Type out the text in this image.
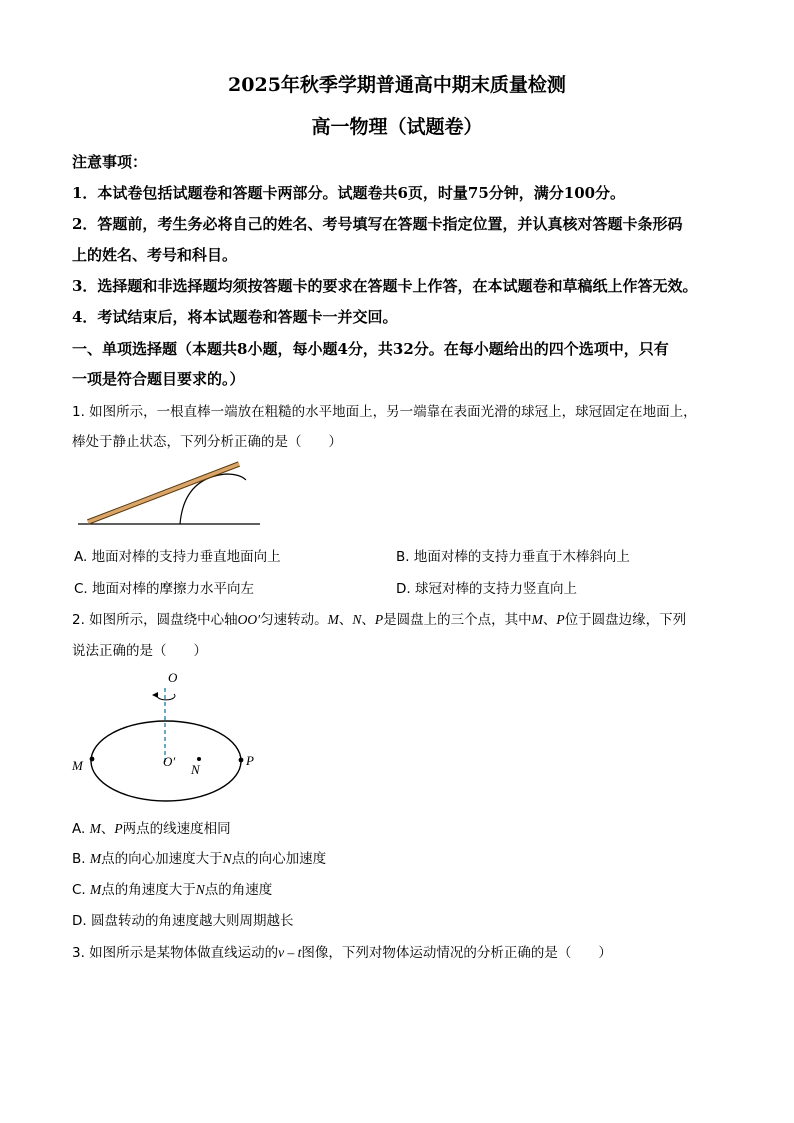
2025年秋季学期普通高中期末质量检测
高一物理（试题卷）
注意事项：
1．本试卷包括试题卷和答题卡两部分。试题卷共6页，时量75分钟，满分100分。
2．答题前，考生务必将自己的姓名、考号填写在答题卡指定位置，并认真核对答题卡条形码
上的姓名、考号和科目。
3．选择题和非选择题均须按答题卡的要求在答题卡上作答，在本试题卷和草稿纸上作答无效。
4．考试结束后，将本试题卷和答题卡一并交回。
一、单项选择题（本题共8小题，每小题4分，共32分。在每小题给出的四个选项中，只有
一项是符合题目要求的。）
1. 如图所示，一根直棒一端放在粗糙的水平地面上，另一端靠在表面光滑的球冠上，球冠固定在地面上，
棒处于静止状态，下列分析正确的是（　　）
A. 地面对棒的支持力垂直地面向上	B. 地面对棒的支持力垂直于木棒斜向上
C. 地面对棒的摩擦力水平向左	D. 球冠对棒的支持力竖直向上
2. 如图所示，圆盘绕中心轴OO′匀速转动。M、N、P是圆盘上的三个点，其中M、P位于圆盘边缘，下列
说法正确的是（　　）
O
O′
N
M	P
A. M、P两点的线速度相同
B. M点的向心加速度大于N点的向心加速度
C. M点的角速度大于N点的角速度
D. 圆盘转动的角速度越大则周期越长
3. 如图所示是某物体做直线运动的v – t图像，下列对物体运动情况的分析正确的是（　　）
